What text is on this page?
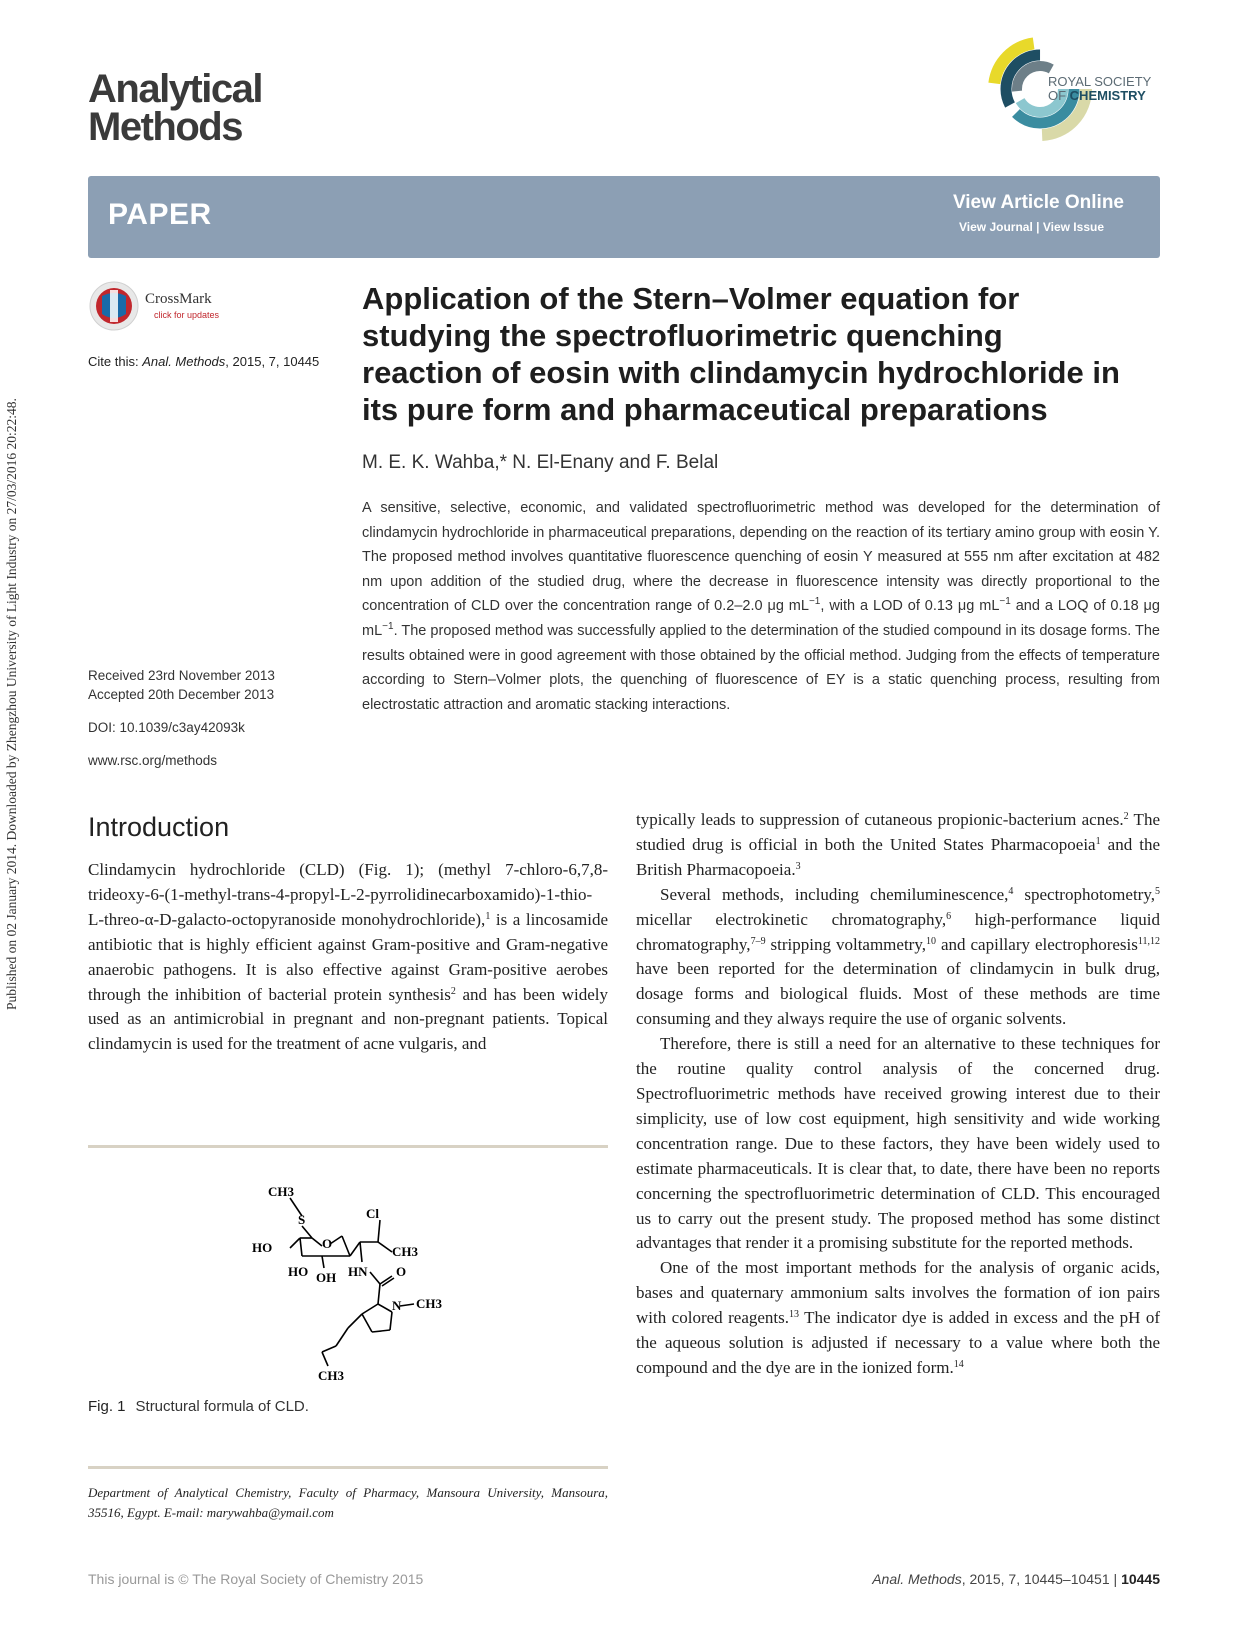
Published on 02 January 2014. Downloaded by Zhengzhou University of Light Industry on 27/03/2016 20:22:48.
Analytical
Methods
ROYAL SOCIETY
OF CHEMISTRY
PAPER	View Article Online
View Journal | View Issue
CrossMark
click for updates
Cite this: Anal. Methods, 2015, 7, 10445
Received 23rd November 2013
Accepted 20th December 2013
DOI: 10.1039/c3ay42093k
www.rsc.org/methods
Application of the Stern–Volmer equation for
studying the spectrofluorimetric quenching
reaction of eosin with clindamycin hydrochloride in
its pure form and pharmaceutical preparations
M. E. K. Wahba,* N. El-Enany and F. Belal
A sensitive, selective, economic, and validated spectrofluorimetric method was developed for the determination of clindamycin hydrochloride in pharmaceutical preparations, depending on the reaction of its tertiary amino group with eosin Y. The proposed method involves quantitative fluorescence quenching of eosin Y measured at 555 nm after excitation at 482 nm upon addition of the studied drug, where the decrease in fluorescence intensity was directly proportional to the concentration of CLD over the concentration range of 0.2–2.0 μg $mL^{-1}$, with a LOD of 0.13 μg $mL^{-1}$ and a LOQ of 0.18 μg $mL^{-1}$. The proposed method was successfully applied to the determination of the studied compound in its dosage forms. The results obtained were in good agreement with those obtained by the official method. Judging from the effects of temperature according to Stern–Volmer plots, the quenching of fluorescence of EY is a static quenching process, resulting from electrostatic attraction and aromatic stacking interactions.
Introduction

Clindamycin hydrochloride (CLD) (Fig. 1); (methyl 7-chloro-6,7,8-trideoxy-6-(1-methyl-trans-4-propyl-L-2-pyrrolidinecarboxamido)-1-thio-L-threo-α-D-galacto-octopyranoside monohydrochloride),$^1$ is a lincosamide antibiotic that is highly efficient against Gram-positive and Gram-negative anaerobic pathogens. It is also effective against Gram-positive aerobes through the inhibition of bacterial protein synthesis$^2$ and has been widely used as an antimicrobial in pregnant and non-pregnant patients. Topical clindamycin is used for the treatment of acne vulgaris, and

typically leads to suppression of cutaneous propionic-bacterium acnes.$^2$ The studied drug is official in both the United States Pharmacopoeia$^1$ and the British Pharmacopoeia.$^3$

Several methods, including chemiluminescence,$^4$ spectrophotometry,$^5$ micellar electrokinetic chromatography,$^6$ high-performance liquid chromatography,$^{7-9}$ stripping voltammetry,$^{10}$ and capillary electrophoresis$^{11,12}$ have been reported for the determination of clindamycin in bulk drug, dosage forms and biological fluids. Most of these methods are time consuming and they always require the use of organic solvents.

Therefore, there is still a need for an alternative to these techniques for the routine quality control analysis of the concerned drug. Spectrofluorimetric methods have received growing interest due to their simplicity, use of low cost equipment, high sensitivity and wide working concentration range. Due to these factors, they have been widely used to estimate pharmaceuticals. It is clear that, to date, there have been no reports concerning the spectrofluorimetric determination of CLD. This encouraged us to carry out the present study. The proposed method has some distinct advantages that render it a promising substitute for the reported methods.

One of the most important methods for the analysis of organic acids, bases and quaternary ammonium salts involves the formation of ion pairs with colored reagents.$^{13}$ The indicator dye is added in excess and the pH of the aqueous solution is adjusted if necessary to a value where both the compound and the dye are in the ionized form.$^{14}$

CH3
S	Cl
HO	O
CH3
HO OH HN O
N CH3
CH3
Fig. 1 Structural formula of CLD.
Department of Analytical Chemistry, Faculty of Pharmacy, Mansoura University, Mansoura, 35516, Egypt. E-mail: marywahba@ymail.com
This journal is © The Royal Society of Chemistry 2015	Anal. Methods, 2015, 7, 10445–10451 | 10445
